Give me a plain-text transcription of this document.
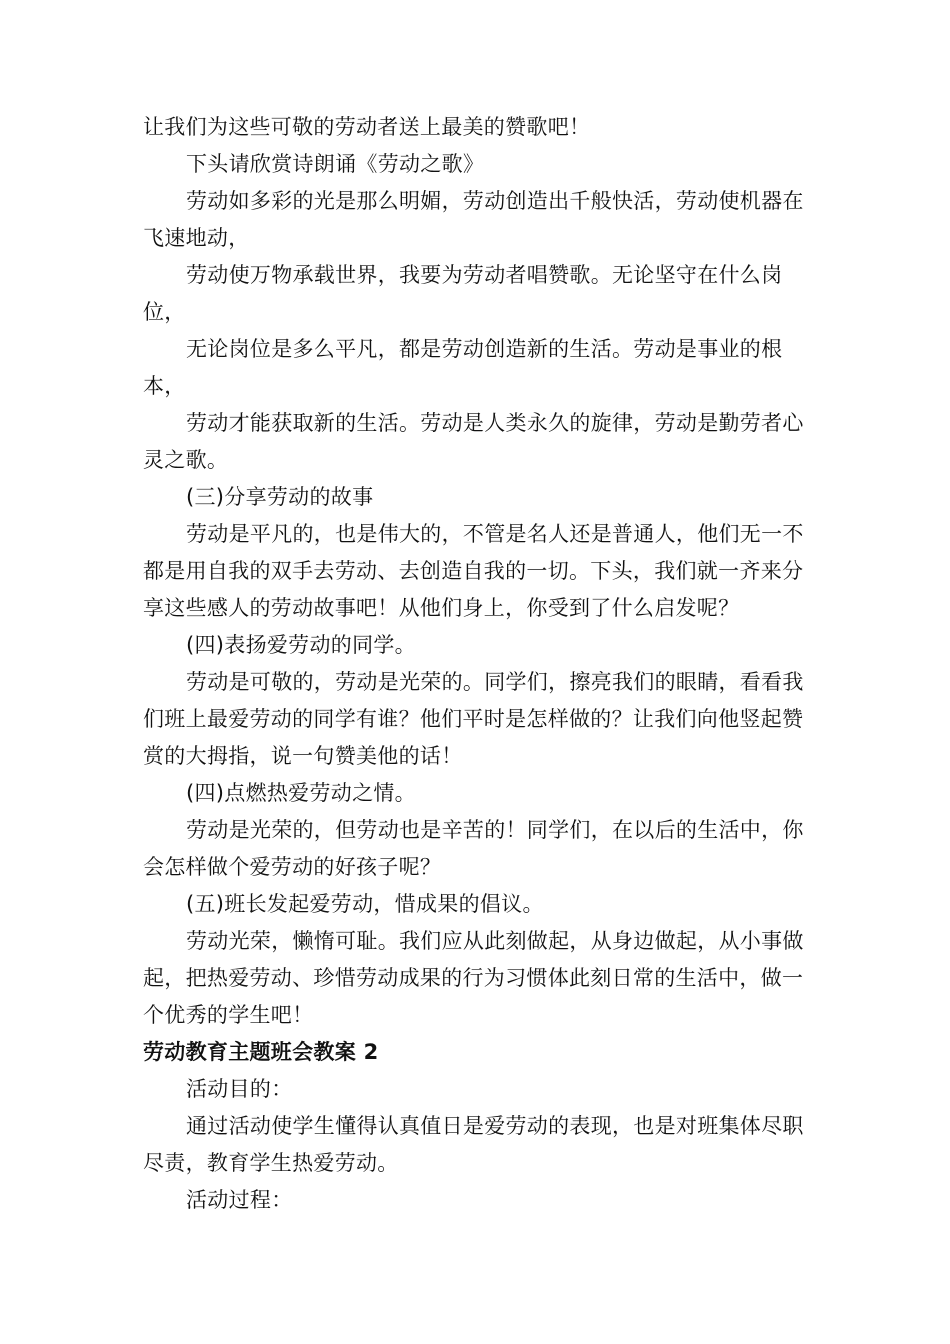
让我们为这些可敬的劳动者送上最美的赞歌吧！

下头请欣赏诗朗诵《劳动之歌》

劳动如多彩的光是那么明媚，劳动创造出千般快活，劳动使机器在飞速地动，

劳动使万物承载世界，我要为劳动者唱赞歌。无论坚守在什么岗位，

无论岗位是多么平凡，都是劳动创造新的生活。劳动是事业的根本，

劳动才能获取新的生活。劳动是人类永久的旋律，劳动是勤劳者心灵之歌。

(三)分享劳动的故事

劳动是平凡的，也是伟大的，不管是名人还是普通人，他们无一不都是用自我的双手去劳动、去创造自我的一切。下头，我们就一齐来分享这些感人的劳动故事吧！从他们身上，你受到了什么启发呢？

(四)表扬爱劳动的同学。

劳动是可敬的，劳动是光荣的。同学们，擦亮我们的眼睛，看看我们班上最爱劳动的同学有谁？他们平时是怎样做的？让我们向他竖起赞赏的大拇指，说一句赞美他的话！

(四)点燃热爱劳动之情。

劳动是光荣的，但劳动也是辛苦的！同学们，在以后的生活中，你会怎样做个爱劳动的好孩子呢？

(五)班长发起爱劳动，惜成果的倡议。

劳动光荣，懒惰可耻。我们应从此刻做起，从身边做起，从小事做起，把热爱劳动、珍惜劳动成果的行为习惯体此刻日常的生活中，做一个优秀的学生吧！

劳动教育主题班会教案 2

活动目的：

通过活动使学生懂得认真值日是爱劳动的表现，也是对班集体尽职尽责，教育学生热爱劳动。

活动过程：
